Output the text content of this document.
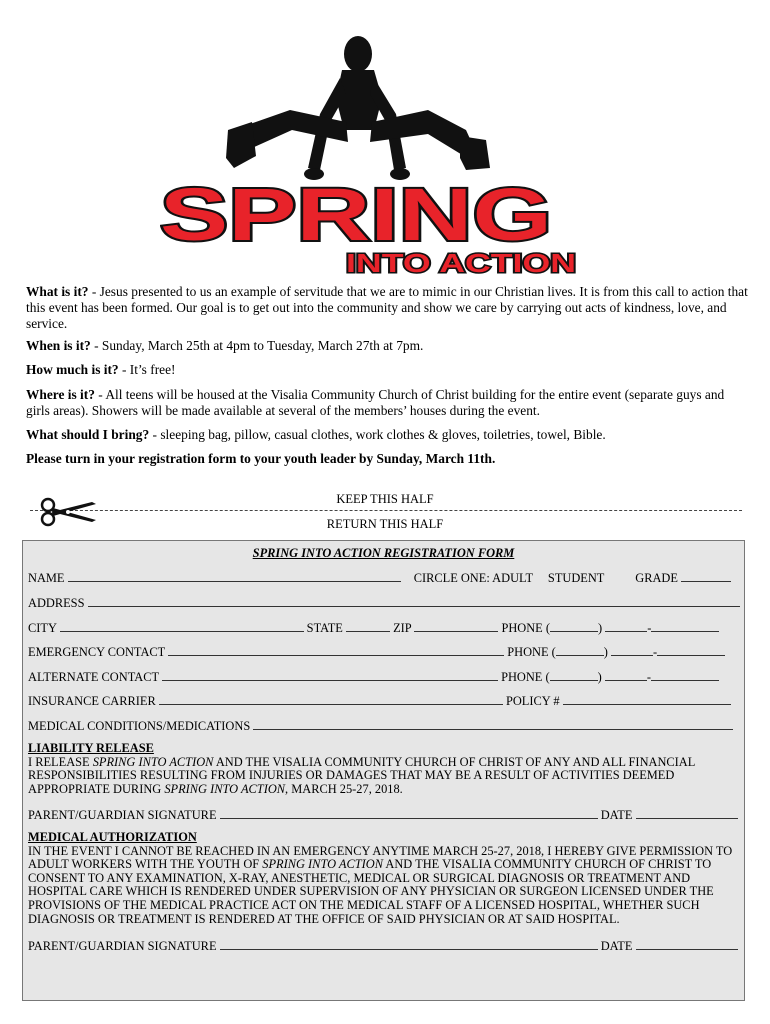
SPRING
INTO ACTION
What is it? - Jesus presented to us an example of servitude that we are to mimic in our Christian lives. It is from this call to action that this event has been formed. Our goal is to get out into the community and show we care by carrying out acts of kindness, love, and service.
When is it? - Sunday, March 25th at 4pm to Tuesday, March 27th at 7pm.
How much is it? - It’s free!
Where is it? - All teens will be housed at the Visalia Community Church of Christ building for the entire event (separate guys and girls areas). Showers will be made available at several of the members’ houses during the event.
What should I bring? - sleeping bag, pillow, casual clothes, work clothes & gloves, toiletries, towel, Bible.
Please turn in your registration form to your youth leader by Sunday, March 11th.
KEEP THIS HALF
RETURN THIS HALF
SPRING INTO ACTION REGISTRATION FORM
NAME	CIRCLE ONE: ADULT STUDENT	GRADE
ADDRESS
CITY	STATE	ZIP	PHONE (	)	-
EMERGENCY CONTACT	PHONE (	)	-
ALTERNATE CONTACT	PHONE (	)	-
INSURANCE CARRIER	POLICY #
MEDICAL CONDITIONS/MEDICATIONS
LIABILITY RELEASE
I RELEASE SPRING INTO ACTION AND THE VISALIA COMMUNITY CHURCH OF CHRIST OF ANY AND ALL FINANCIAL RESPONSIBILITIES RESULTING FROM INJURIES OR DAMAGES THAT MAY BE A RESULT OF ACTIVITIES DEEMED APPROPRIATE DURING SPRING INTO ACTION, MARCH 25-27, 2018.
PARENT/GUARDIAN SIGNATURE	DATE
MEDICAL AUTHORIZATION
IN THE EVENT I CANNOT BE REACHED IN AN EMERGENCY ANYTIME MARCH 25-27, 2018, I HEREBY GIVE PERMISSION TO ADULT WORKERS WITH THE YOUTH OF SPRING INTO ACTION AND THE VISALIA COMMUNITY CHURCH OF CHRIST TO CONSENT TO ANY EXAMINATION, X-RAY, ANESTHETIC, MEDICAL OR SURGICAL DIAGNOSIS OR TREATMENT AND HOSPITAL CARE WHICH IS RENDERED UNDER SUPERVISION OF ANY PHYSICIAN OR SURGEON LICENSED UNDER THE PROVISIONS OF THE MEDICAL PRACTICE ACT ON THE MEDICAL STAFF OF A LICENSED HOSPITAL, WHETHER SUCH DIAGNOSIS OR TREATMENT IS RENDERED AT THE OFFICE OF SAID PHYSICIAN OR AT SAID HOSPITAL.
PARENT/GUARDIAN SIGNATURE	DATE
